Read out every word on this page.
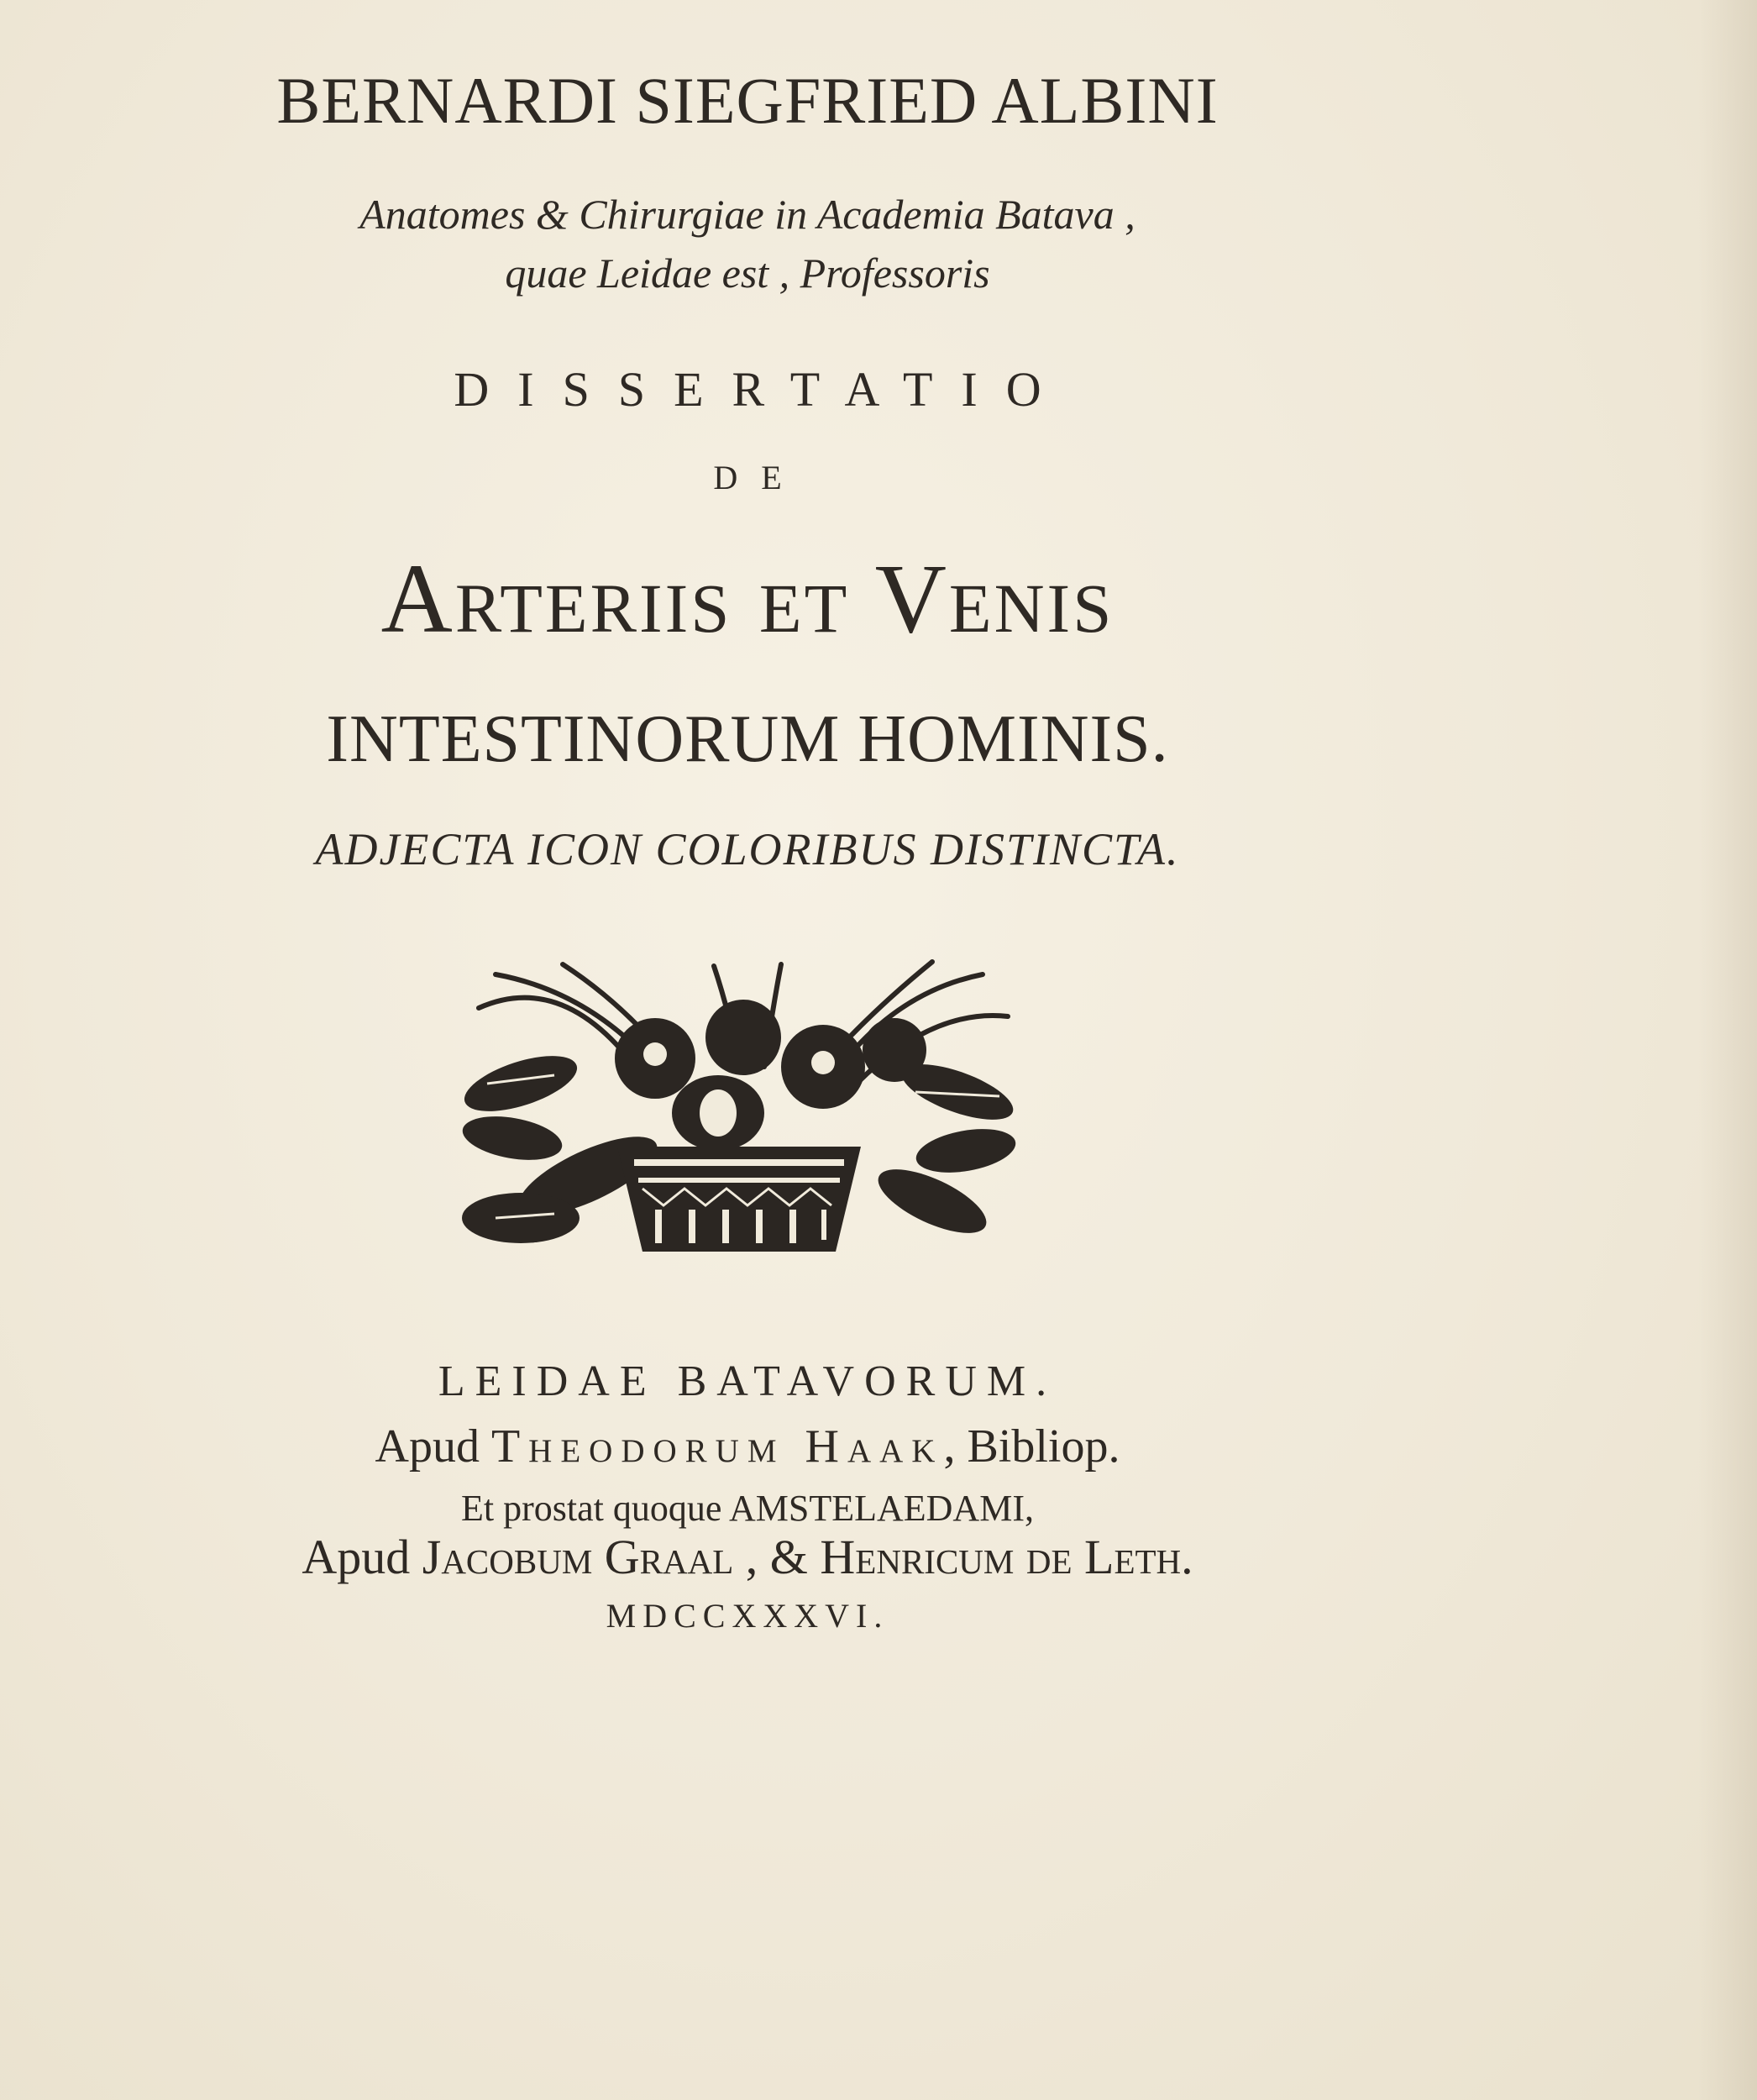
BERNARDI SIEGFRIED ALBINI
Anatomes & Chirurgiae in Academia Batava ,
quae Leidae est , Professoris
DISSERTATIO
DE
Arteriis et Venis
INTESTINORUM HOMINIS.
ADJECTA ICON COLORIBUS DISTINCTA.
LEIDAE BATAVORUM.
Apud Theodorum Haak, Bibliop.
Et prostat quoque AMSTELAEDAMI,
Apud Jacobum Graal , & Henricum de Leth.
MDCCXXXVI.
